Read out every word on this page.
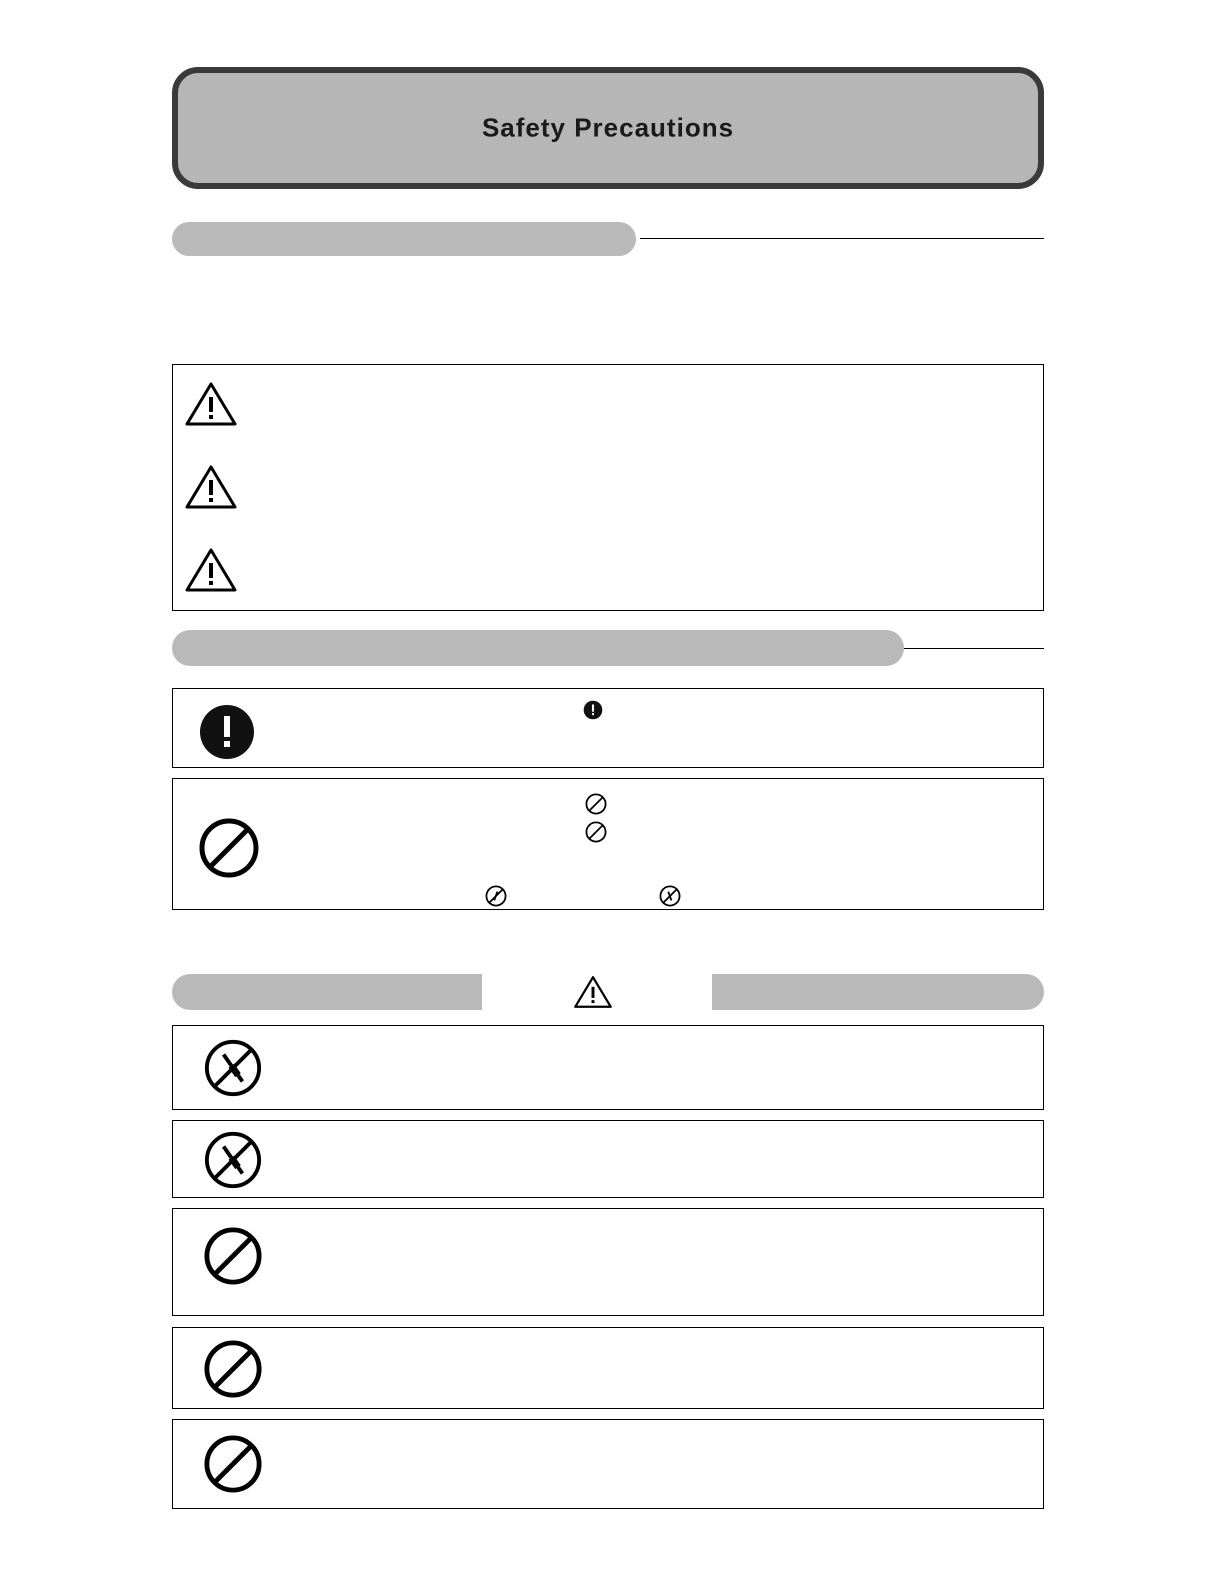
Safety Precautions
